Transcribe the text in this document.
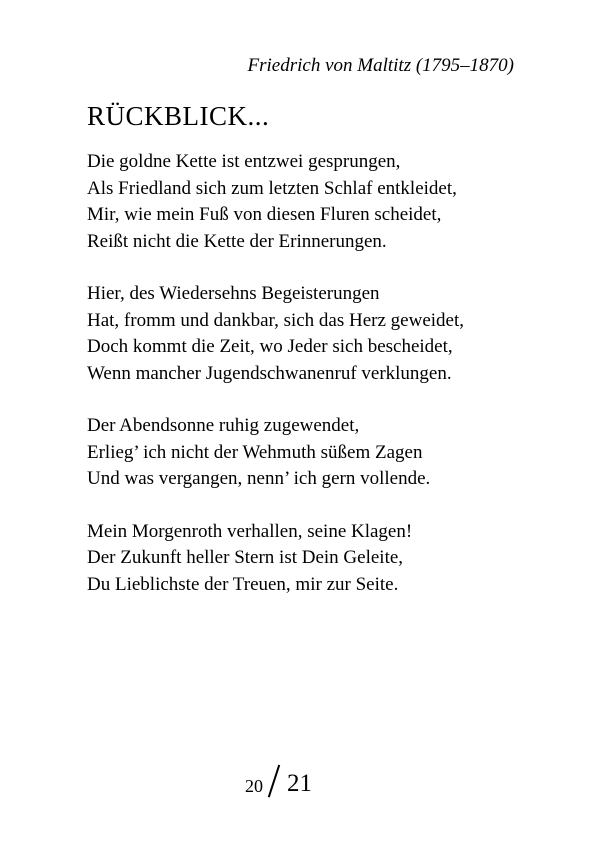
Friedrich von Maltitz (1795–1870)
RÜCKBLICK...
Die goldne Kette ist entzwei gesprungen,
Als Friedland sich zum letzten Schlaf entkleidet,
Mir, wie mein Fuß von diesen Fluren scheidet,
Reißt nicht die Kette der Erinnerungen.
Hier, des Wiedersehns Begeisterungen
Hat, fromm und dankbar, sich das Herz geweidet,
Doch kommt die Zeit, wo Jeder sich bescheidet,
Wenn mancher Jugendschwanenruf verklungen.
Der Abendsonne ruhig zugewendet,
Erlieg’ ich nicht der Wehmuth süßem Zagen
Und was vergangen, nenn’ ich gern vollende.
Mein Morgenroth verhallen, seine Klagen!
Der Zukunft heller Stern ist Dein Geleite,
Du Lieblichste der Treuen, mir zur Seite.
20 21
